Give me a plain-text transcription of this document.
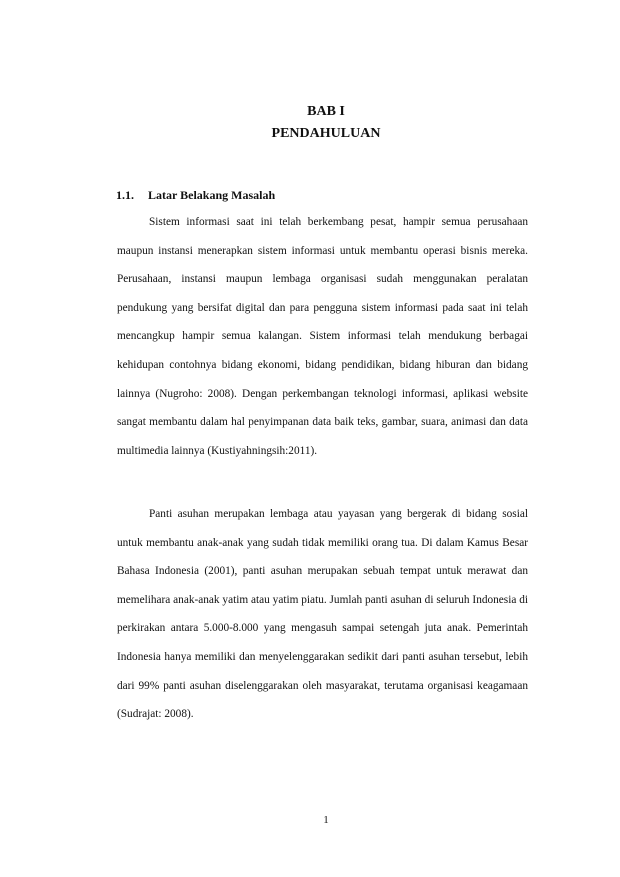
BAB I
PENDAHULUAN
1.1. Latar Belakang Masalah

Sistem informasi saat ini telah berkembang pesat, hampir semua perusahaan maupun instansi menerapkan sistem informasi untuk membantu operasi bisnis mereka. Perusahaan, instansi maupun lembaga organisasi sudah menggunakan peralatan pendukung yang bersifat digital dan para pengguna sistem informasi pada saat ini telah mencangkup hampir semua kalangan. Sistem informasi telah mendukung berbagai kehidupan contohnya bidang ekonomi, bidang pendidikan, bidang hiburan dan bidang lainnya (Nugroho: 2008). Dengan perkembangan teknologi informasi, aplikasi website sangat membantu dalam hal penyimpanan data baik teks, gambar, suara, animasi dan data multimedia lainnya (Kustiyahningsih:2011).

Panti asuhan merupakan lembaga atau yayasan yang bergerak di bidang sosial untuk membantu anak-anak yang sudah tidak memiliki orang tua. Di dalam Kamus Besar Bahasa Indonesia (2001), panti asuhan merupakan sebuah tempat untuk merawat dan memelihara anak-anak yatim atau yatim piatu. Jumlah panti asuhan di seluruh Indonesia di perkirakan antara 5.000-8.000 yang mengasuh sampai setengah juta anak. Pemerintah Indonesia hanya memiliki dan menyelenggarakan sedikit dari panti asuhan tersebut, lebih dari 99% panti asuhan diselenggarakan oleh masyarakat, terutama organisasi keagamaan (Sudrajat: 2008).

1
